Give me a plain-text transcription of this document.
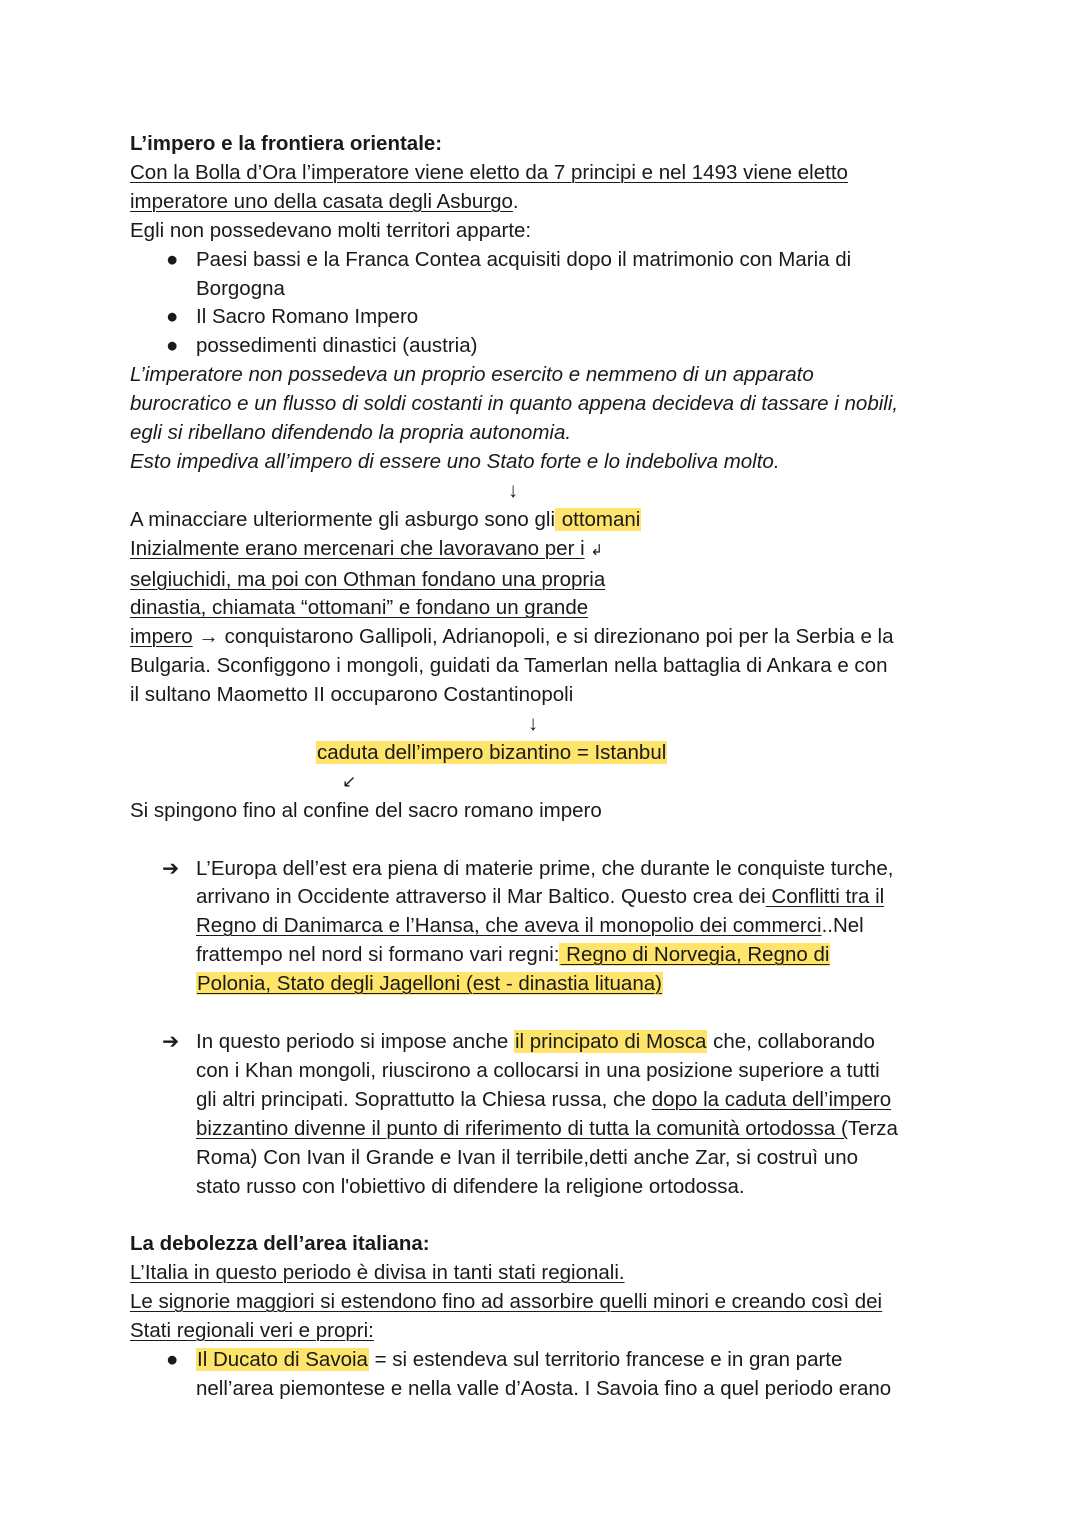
L’impero e la frontiera orientale:

Con la Bolla d’Ora l’imperatore viene eletto da 7 principi e nel 1493 viene eletto

imperatore uno della casata degli Asburgo.

Egli non possedevano molti territori apparte:

● Paesi bassi e la Franca Contea acquisiti dopo il matrimonio con Maria di

Borgogna

● Il Sacro Romano Impero

● possedimenti dinastici (austria)

L’imperatore non possedeva un proprio esercito e nemmeno di un apparato

burocratico e un flusso di soldi costanti in quanto appena decideva di tassare i nobili,

egli si ribellano difendendo la propria autonomia.

Esto impediva all’impero di essere uno Stato forte e lo indeboliva molto.

↓

A minacciare ulteriormente gli asburgo sono gli ottomani

Inizialmente erano mercenari che lavoravano per i ↲

selgiuchidi, ma poi con Othman fondano una propria

dinastia, chiamata “ottomani” e fondano un grande

impero → conquistarono Gallipoli, Adrianopoli, e si direzionano poi per la Serbia e la

Bulgaria. Sconfiggono i mongoli, guidati da Tamerlan nella battaglia di Ankara e con

il sultano Maometto II occuparono Costantinopoli

↓
caduta dell’impero bizantino = Istanbul
↙

Si spingono fino al confine del sacro romano impero

➔ L’Europa dell’est era piena di materie prime, che durante le conquiste turche,

arrivano in Occidente attraverso il Mar Baltico. Questo crea dei Conflitti tra il

Regno di Danimarca e l’Hansa, che aveva il monopolio dei commerci..Nel

frattempo nel nord si formano vari regni: Regno di Norvegia, Regno di

Polonia, Stato degli Jagelloni (est - dinastia lituana)

➔ In questo periodo si impose anche il principato di Mosca che, collaborando

con i Khan mongoli, riuscirono a collocarsi in una posizione superiore a tutti

gli altri principati. Soprattutto la Chiesa russa, che dopo la caduta dell’impero

bizzantino divenne il punto di riferimento di tutta la comunità ortodossa (Terza

Roma) Con Ivan il Grande e Ivan il terribile,detti anche Zar, si costruì uno

stato russo con l'obiettivo di difendere la religione ortodossa.

La debolezza dell’area italiana:

L’Italia in questo periodo è divisa in tanti stati regionali.

Le signorie maggiori si estendono fino ad assorbire quelli minori e creando così dei

Stati regionali veri e propri:

● Il Ducato di Savoia = si estendeva sul territorio francese e in gran parte

nell’area piemontese e nella valle d’Aosta. I Savoia fino a quel periodo erano
